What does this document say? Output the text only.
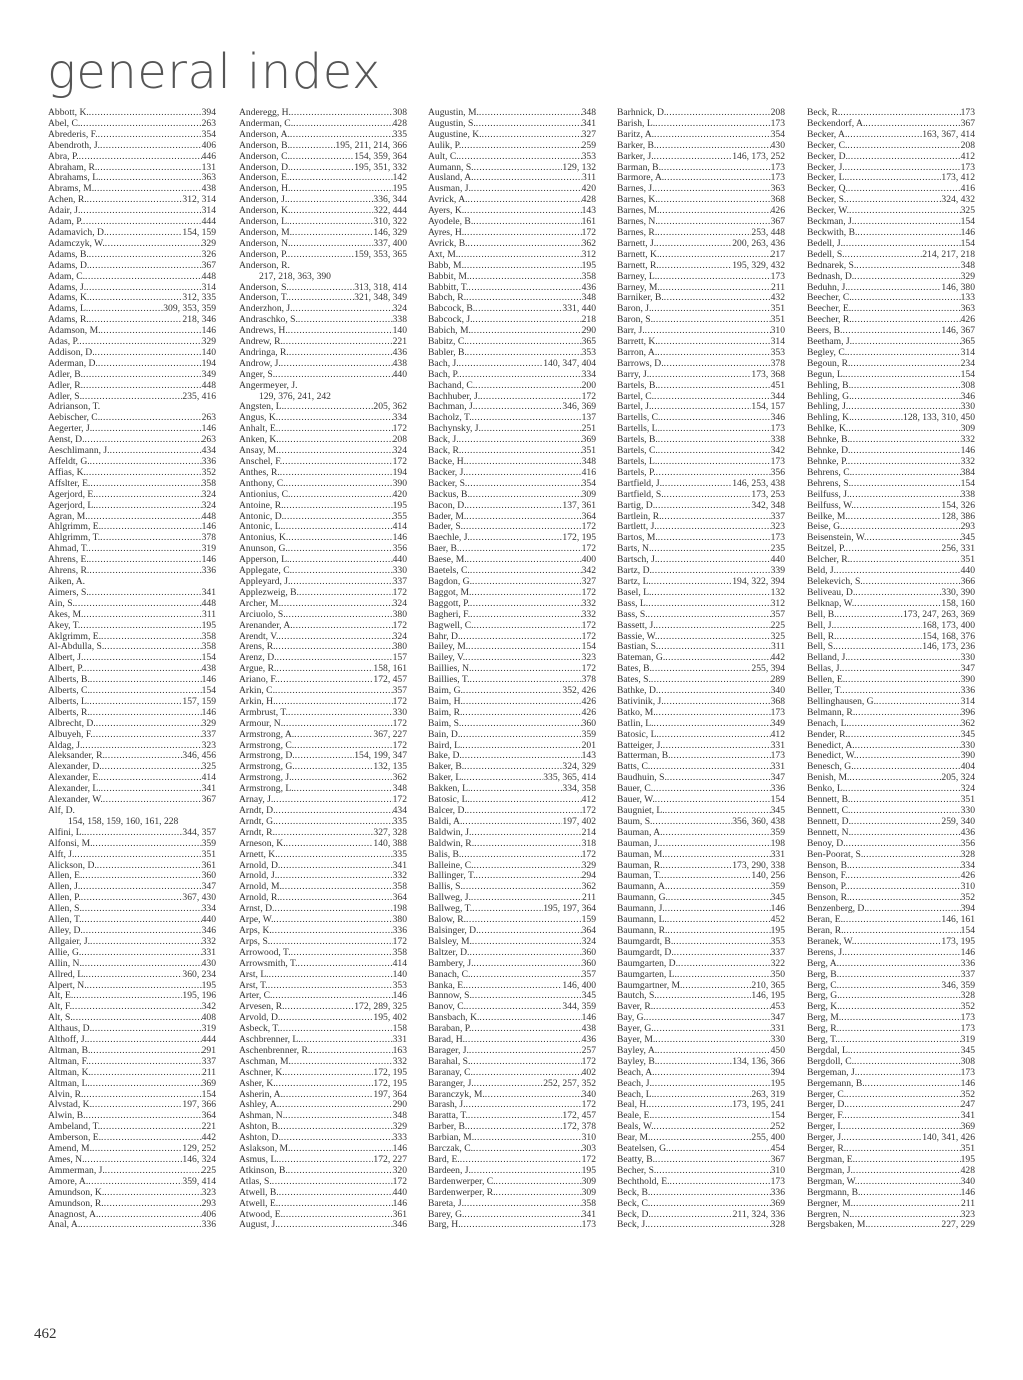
general index
Abbott, K. .....	394
Abel, C. .....	263
Abrederis, F. .....	354
Abendroth, J. .....	406
Abra, P. .....	446
Abraham, R. .....	131
Abrahams, L. .....	363
Abrams, M. .....	438
Achen, R. .....	312, 314
Adair, J. .....	314
Adam, P. .....	444
Adamavich, D. .....	154, 159
Adamczyk, W. .....	329
Adams, B. .....	326
Adams, D. .....	367
Adam, C. .....	448
Adams, J. .....	314
Adams, K. .....	312, 335
Adams, L. .....	309, 353, 359
Adams, R. .....	218, 346
Adamson, M. .....	146
Adas, P. .....	329
Addison, D. .....	140
Aderman, D. .....	194
Adler, B. .....	349
Adler, R. .....	448
Adler, S. .....	235, 416
Adrianson, T.
Aebischer, C. .....	263
Aegerter, J. .....	146
Aenst, D. .....	263
Aeschlimann, J. .....	434
Affeldt, G. .....	336
Affias, K. .....	352
Affslter, E. .....	358
Agerjord, E. .....	324
Agerjord, L. .....	324
Agran, M. .....	448
Ahlgrimm, E. .....	146
Ahlgrimm, T. .....	378
Ahmad, T. .....	319
Ahrens, E. .....	146
Ahrens, R. .....	336
Aiken, A.
Aimers, S. .....	341
Ain, S. .....	448
Akes, M. .....	311
Akey, T. .....	195
Aklgrimm, E. .....	358
Al-Abdulla, S. .....	358
Albert, J. .....	154
Albert, P. .....	438
Alberts, B. .....	146
Alberts, C. .....	154
Alberts, L. .....	157, 159
Alberts, R. .....	146
Albrecht, D. .....	329
Albuyeh, F. .....	337
Aldag, J. .....	323
Aleksander, R. .....	346, 456
Alexander, D. .....	325
Alexander, E. .....	414
Alexander, L. .....	341
Alexander, W. .....	367
Alf, D.
154, 158, 159, 160, 161, 228
Alfini, L. .....	344, 357
Alfonsi, M. .....	359
Alft, J. .....	351
Alickson, D. .....	361
Allen, E. .....	360
Allen, J. .....	347
Allen, P. .....	367, 430
Allen, S. .....	334
Allen, T. .....	440
Alley, D. .....	346
Allgaier, J. .....	332
Allie, G. .....	331
Allin, N. .....	430
Allred, L. .....	360, 234
Alpert, N. .....	195
Alt, E. .....	195, 196
Alt, F. .....	342
Alt, S. .....	408
Althaus, D. .....	319
Althoff, J. .....	444
Altman, B. .....	291
Altman, F. .....	337
Altman, K. .....	211
Altman, L. .....	369
Alvin, R. .....	154
Alvstad, K. .....	197, 366
Alwin, B. .....	364
Ambeland, T. .....	221
Amberson, E. .....	442
Amend, M. .....	129, 252
Ames, N. .....	146, 324
Ammerman, J. .....	225
Amore, A. .....	359, 414
Amundson, K. .....	323
Amundson, R. .....	293
Anagnost, A. .....	406
Anal, A. .....	336
Anderegg, H. .....	308
Anderman, C. .....	428
Anderson, A. .....	335
Anderson, B. .....	195, 211, 214, 366
Anderson, C. .....	154, 359, 364
Anderson, D. .....	195, 351, 332
Anderson, E. .....	142
Anderson, H. .....	195
Anderson, J. .....	336, 344
Anderson, K. .....	322, 444
Anderson, L. .....	310, 322
Anderson, M. .....	146, 329
Anderson, N. .....	337, 400
Anderson, P. .....	159, 353, 365
Anderson, R.
217, 218, 363, 390
Anderson, S. .....	313, 318, 414
Anderson, T. .....	321, 348, 349
Anderzhon, J. .....	324
Andraschko, S. .....	338
Andrews, H. .....	140
Andrew, R. .....	221
Andringa, R. .....	436
Androw, J. .....	438
Anger, S. .....	440
Angermeyer, J.
129, 376, 241, 242
Angsten, L. .....	205, 362
Angus, K. .....	334
Anhalt, E. .....	172
Anken, K. .....	208
Ansay, M. .....	324
Anschel, F. .....	172
Anthes, R. .....	194
Anthony, C. .....	390
Antionius, C. .....	420
Antoine, R. .....	195
Antonic, D. .....	355
Antonic, L. .....	414
Antonius, K. .....	146
Anunson, G. .....	356
Apperson, L. .....	440
Applegate, C. .....	330
Appleyard, J. .....	337
Applezweig, B. .....	172
Archer, M. .....	324
Arciuolo, S. .....	380
Arenander, A. .....	172
Arendt, V. .....	324
Arens, R. .....	380
Arenz, D. .....	157
Argue, R. .....	158, 161
Ariano, F. .....	172, 457
Arkin, C. .....	357
Arkin, H. .....	172
Armbrust, T. .....	330
Armour, N. .....	172
Armstrong, A. .....	367, 227
Armstrong, C. .....	172
Armstrong, D. .....	154, 199, 347
Armstrong, G. .....	132, 135
Armstrong, J. .....	362
Armstrong, L. .....	348
Arnay, J. .....	172
Arndt, D. .....	434
Arndt, G. .....	335
Arndt, R. .....	327, 328
Arneson, K. .....	140, 388
Arnett, K. .....	335
Arnold, D. .....	341
Arnold, J. .....	332
Arnold, M. .....	358
Arnold, R. .....	364
Arnst, D. .....	198
Arpe, W. .....	380
Arps, K. .....	336
Arps, S. .....	172
Arrowood, T. .....	358
Arrowsmith, T. .....	414
Arst, L. .....	140
Arst, T. .....	353
Arter, C. .....	146
Arvesen, R. .....	172, 289, 325
Arvold, D. .....	195, 402
Asbeck, T. .....	158
Aschbrenner, L. .....	331
Aschenbrenner, R. .....	163
Aschman, M. .....	332
Aschner, K. .....	172, 195
Asher, K. .....	172, 195
Asherin, A. .....	197, 364
Ashley, A. .....	290
Ashman, N. .....	348
Ashton, B. .....	329
Ashton, D. .....	333
Aslakson, M. .....	146
Asmus, L. .....	172, 227
Atkinson, B. .....	320
Atlas, S. .....	172
Atwell, B. .....	440
Atwell, E. .....	146
Atwood, E. .....	361
August, J. .....	346
Augustin, M. .....	348
Augustin, S. .....	341
Augustine, K. .....	327
Aulik, P. .....	259
Ault, C. .....	353
Aumann, S. .....	129, 132
Ausland, A. .....	311
Ausman, J. .....	420
Avrick, A. .....	428
Ayers, K. .....	143
Ayodele, B. .....	161
Ayres, H. .....	172
Avrick, B. .....	362
Axt, M. .....	312
Babb, M. .....	195
Babbit, M. .....	358
Babbitt, T. .....	436
Babch, R. .....	348
Babcock, B. .....	331, 440
Babcock, J. .....	218
Babich, M. .....	290
Babitz, C. .....	365
Babler, B. .....	353
Bach, J. .....	140, 347, 404
Bach, P. .....	334
Bachand, C. .....	200
Bachhuber, J. .....	172
Bachman, J. .....	346, 369
Bacholz, T. .....	137
Bachynsky, J. .....	251
Back, J. .....	369
Back, R. .....	351
Backe, H. .....	348
Backer, J. .....	416
Backer, S. .....	354
Backus, B. .....	309
Bacon, D. .....	137, 361
Bader, M. .....	364
Bader, S. .....	172
Baechle, J. .....	172, 195
Baer, B. .....	172
Baese, M. .....	400
Baetels, C. .....	342
Bagdon, G. .....	327
Baggot, M. .....	172
Baggott, P. .....	332
Bagheri, F. .....	332
Bagwell, C. .....	172
Bahr, D. .....	172
Bailey, M. .....	154
Bailey, V. .....	323
Baillies, N. .....	172
Baillies, T. .....	378
Baim, G. .....	352, 426
Baim, H. .....	426
Baim, R. .....	426
Baim, S. .....	360
Bain, D. .....	359
Baird, L. .....	201
Bake, D. .....	143
Baker, B. .....	324, 329
Baker, L. .....	335, 365, 414
Bakken, L. .....	334, 358
Batosic, L. .....	412
Balcer, D. .....	172
Baldi, A. .....	197, 402
Baldwin, J. .....	214
Baldwin, R. .....	318
Balis, B. .....	172
Balleine, C. .....	329
Ballinger, T. .....	294
Ballis, S. .....	362
Ballweg, J. .....	211
Ballweg, T. .....	195, 197, 364
Balow, R. .....	159
Balsinger, D. .....	364
Balsley, M. .....	324
Baltzer, D. .....	360
Bambery, J. .....	360
Banach, C. .....	357
Banka, E. .....	146, 400
Bannow, S. .....	345
Banov, C. .....	344, 359
Bansbach, K. .....	146
Baraban, P. .....	438
Barad, H. .....	436
Barager, J. .....	257
Barahal, S. .....	172
Baranay, C. .....	402
Baranger, J. .....	252, 257, 352
Baranczyk, M. .....	340
Barash, J. .....	172
Baratta, T. .....	172, 457
Barber, B. .....	172, 378
Barbian, M. .....	310
Barczak, C. .....	303
Bard, E. .....	172
Bardeen, J. .....	195
Bardenwerper, C. .....	309
Bardenwerper, R. .....	309
Bareta, J. .....	358
Barey, G. .....	341
Barg, H. .....	173
Barhnick, D. .....	208
Barish, L. .....	173
Baritz, A. .....	354
Barker, B. .....	430
Barker, J. .....	146, 173, 252
Barman, B. .....	173
Barmore, A. .....	173
Barnes, J. .....	363
Barnes, K. .....	368
Barnes, M. .....	426
Barnes, N. .....	367
Barnes, R. .....	253, 448
Barnett, J. .....	200, 263, 436
Barnett, K. .....	217
Barnett, R. .....	195, 329, 432
Barney, L. .....	173
Barney, M. .....	211
Barniker, B. .....	432
Baron, J. .....	351
Baron, S. .....	351
Barr, J. .....	310
Barrett, K. .....	314
Barron, A. .....	353
Barrows, D. .....	378
Barry, J. .....	173, 368
Bartels, B. .....	451
Bartel, C. .....	344
Bartel, J. .....	154, 157
Bartells, C. .....	346
Bartells, L. .....	173
Bartels, B. .....	338
Bartels, C. .....	342
Bartels, L. .....	173
Bartels, P. .....	356
Bartfield, J. .....	146, 253, 438
Bartfield, S. .....	173, 253
Bartig, D. .....	342, 348
Bartlein, R. .....	337
Bartlett, J. .....	323
Bartos, M. .....	173
Barts, N. .....	235
Bartsch, J. .....	440
Bartz, D. .....	339
Bartz, L. .....	194, 322, 394
Basel, L. .....	132
Bass, L. .....	312
Bass, S. .....	357
Bassett, J. .....	225
Bassie, W. .....	325
Bastian, S. .....	311
Bateman, G. .....	442
Bates, B. .....	255, 394
Bates, S. .....	289
Bathke, D. .....	340
Bativinik, J. .....	368
Batko, M. .....	173
Batlin, L. .....	349
Batosic, L. .....	412
Batteiger, J. .....	331
Batterman, B. .....	173
Batts, C. .....	331
Baudhuin, S. .....	347
Bauer, C. .....	336
Bauer, W. .....	154
Baugniet, L. .....	345
Baum, S. .....	356, 360, 438
Bauman, A. .....	359
Bauman, J. .....	198
Bauman, M. .....	331
Bauman, R. .....	173, 290, 338
Bauman, T. .....	140, 256
Baumann, A. .....	359
Baumann, G. .....	345
Baumann, J. .....	146
Baumann, L. .....	452
Baumann, R. .....	195
Baumgardt, B. .....	353
Baumgardt, D. .....	337
Baumgarten, D. .....	322
Baumgarten, L. .....	350
Baumgartner, M. .....	210, 365
Bautch, S. .....	146, 195
Baver, R. .....	453
Bay, G. .....	347
Bayer, G. .....	331
Bayer, M. .....	330
Bayley, A. .....	450
Bayley, B. .....	134, 136, 366
Beach, A. .....	394
Beach, J. .....	195
Beach, L. .....	263, 319
Beal, H. .....	173, 195, 241
Beale, E. .....	154
Beals, W. .....	252
Bear, M. .....	255, 400
Beatelsen, G. .....	454
Beatty, B. .....	367
Becher, S. .....	310
Bechthold, E. .....	173
Beck, B. .....	336
Beck, C. .....	369
Beck, D. .....	211, 324, 336
Beck, J. .....	328
Beck, R. .....	173
Beckendorf, A. .....	367
Becker, A. .....	163, 367, 414
Becker, C. .....	208
Becker, D. .....	412
Becker, J. .....	173
Becker, L. .....	173, 412
Becker, Q. .....	416
Becker, S. .....	324, 432
Becker, W. .....	325
Beckman, J. .....	154
Beckwith, B. .....	146
Bedell, J. .....	154
Bedell, S. .....	214, 217, 218
Bednarek, S. .....	348
Bednash, D. .....	329
Beduhn, J. .....	146, 380
Beecher, C. .....	133
Beecher, E. .....	363
Beecher, R. .....	426
Beers, B. .....	146, 367
Beetham, J. .....	365
Begley, C. .....	314
Begoun, R. .....	234
Begun, L. .....	154
Behling, B. .....	308
Behling, G. .....	346
Behling, J. .....	330
Behling, K. .....	128, 133, 310, 450
Behlke, K. .....	309
Behnke, B. .....	332
Behnke, D. .....	146
Behnke, P. .....	332
Behrens, C. .....	384
Behrens, S. .....	154
Beilfuss, J. .....	338
Beilfuss, W. .....	154, 326
Beilke, M. .....	128, 386
Beise, G. .....	293
Beisenstein, W. .....	345
Beitzel, P. .....	256, 331
Belcher, R. .....	351
Beld, J. .....	440
Belekevich, S. .....	366
Beliveau, D. .....	330, 390
Belknap, W. .....	158, 160
Bell, B. .....	173, 247, 263, 369
Bell, J. .....	168, 173, 400
Bell, R. .....	154, 168, 376
Bell, S. .....	146, 173, 236
Belland, J. .....	330
Bellas, J. .....	347
Bellen, E. .....	390
Beller, T. .....	336
Bellinghausen, G. .....	314
Belmann, R. .....	396
Benach, L. .....	362
Bender, R. .....	345
Benedict, A. .....	330
Benedict, W. .....	390
Benesch, G. .....	404
Benish, M. .....	205, 324
Benko, L. .....	324
Bennett, B. .....	351
Bennett, C. .....	330
Bennett, D. .....	259, 340
Bennett, N. .....	436
Benoy, D. .....	356
Ben-Poorat, S. .....	328
Benson, B. .....	334
Benson, F. .....	426
Benson, P. .....	310
Benson, R. .....	352
Benzenberg, D. .....	394
Beran, E. .....	146, 161
Beran, R. .....	154
Beranek, W. .....	173, 195
Berens, J. .....	146
Berg, A. .....	336
Berg, B. .....	337
Berg, C. .....	346, 359
Berg, G. .....	328
Berg, K. .....	352
Berg, M. .....	173
Berg, R. .....	173
Berg, T. .....	319
Bergdal, L. .....	345
Bergdoll, C. .....	308
Bergeman, J. .....	173
Bergemann, B. .....	146
Berger, C. .....	352
Berger, D. .....	247
Berger, F. .....	341
Berger, I. .....	369
Berger, J. .....	140, 341, 426
Berger, R. .....	351
Bergman, E. .....	195
Bergman, J. .....	428
Bergman, W. .....	340
Bergmann, B. .....	146
Bergner, M. .....	211
Bergren, N. .....	323
Bergsbaken, M. .....	227, 229
462
